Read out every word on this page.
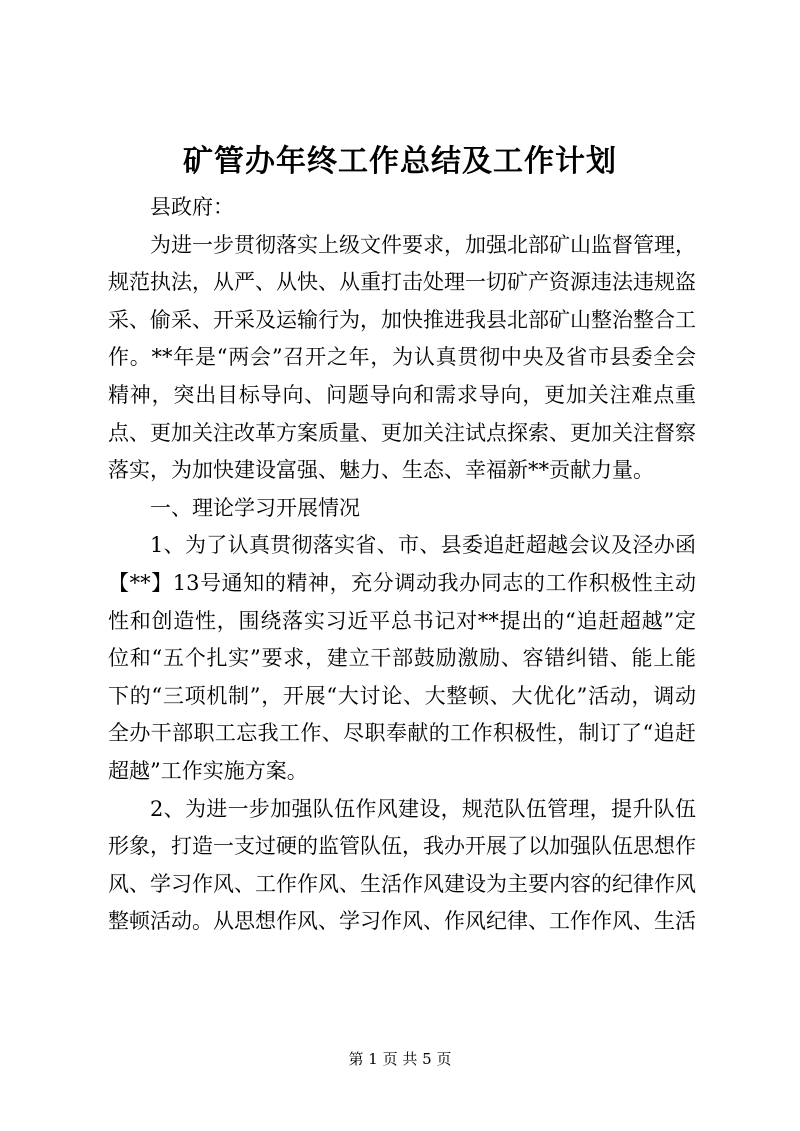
矿管办年终工作总结及工作计划

县政府：

为进一步贯彻落实上级文件要求，加强北部矿山监督管理，规范执法，从严、从快、从重打击处理一切矿产资源违法违规盗采、偷采、开采及运输行为，加快推进我县北部矿山整治整合工作。**年是“两会”召开之年，为认真贯彻中央及省市县委全会精神，突出目标导向、问题导向和需求导向，更加关注难点重点、更加关注改革方案质量、更加关注试点探索、更加关注督察落实，为加快建设富强、魅力、生态、幸福新**贡献力量。

一、理论学习开展情况

1、为了认真贯彻落实省、市、县委追赶超越会议及泾办函【**】13号通知的精神，充分调动我办同志的工作积极性主动性和创造性，围绕落实习近平总书记对**提出的“追赶超越”定位和“五个扎实”要求，建立干部鼓励激励、容错纠错、能上能下的“三项机制”，开展“大讨论、大整顿、大优化”活动，调动全办干部职工忘我工作、尽职奉献的工作积极性，制订了“追赶超越”工作实施方案。

2、为进一步加强队伍作风建设，规范队伍管理，提升队伍形象，打造一支过硬的监管队伍，我办开展了以加强队伍思想作风、学习作风、工作作风、生活作风建设为主要内容的纪律作风整顿活动。从思想作风、学习作风、作风纪律、工作作风、生活

第 1 页 共 5 页
